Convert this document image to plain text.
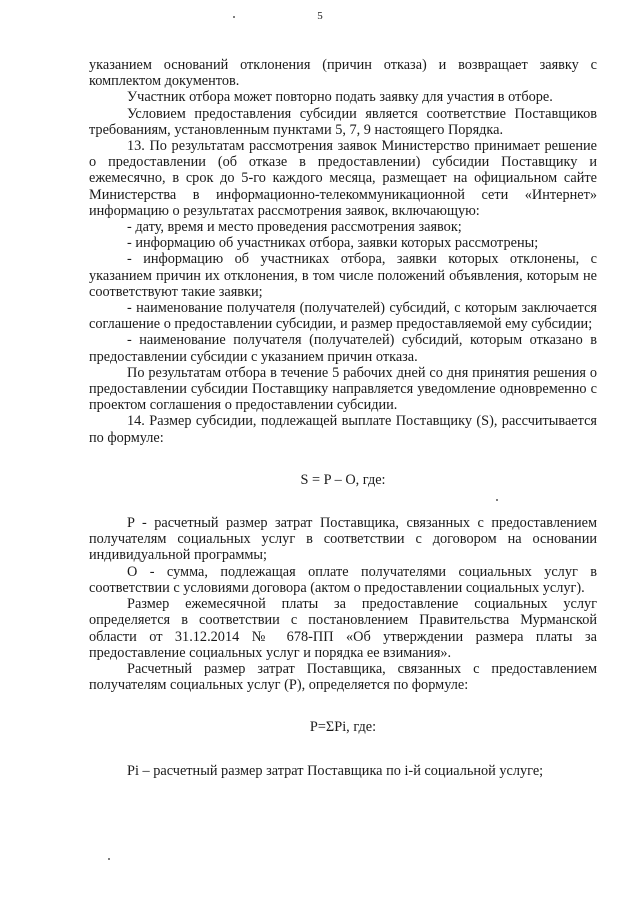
5

указанием оснований отклонения (причин отказа) и возвращает заявку с комплектом документов.

Участник отбора может повторно подать заявку для участия в отборе.

Условием предоставления субсидии является соответствие Поставщиков требованиям, установленным пунктами 5, 7, 9 настоящего Порядка.

13. По результатам рассмотрения заявок Министерство принимает решение о предоставлении (об отказе в предоставлении) субсидии Поставщику и ежемесячно, в срок до 5-го каждого месяца, размещает на официальном сайте Министерства в информационно-телекоммуникационной сети «Интернет» информацию о результатах рассмотрения заявок, включающую:

- дату, время и место проведения рассмотрения заявок;

- информацию об участниках отбора, заявки которых рассмотрены;

- информацию об участниках отбора, заявки которых отклонены, с указанием причин их отклонения, в том числе положений объявления, которым не соответствуют такие заявки;

- наименование получателя (получателей) субсидий, с которым заключается соглашение о предоставлении субсидии, и размер предоставляемой ему субсидии;

- наименование получателя (получателей) субсидий, которым отказано в предоставлении субсидии с указанием причин отказа.

По результатам отбора в течение 5 рабочих дней со дня принятия решения о предоставлении субсидии Поставщику направляется уведомление одновременно с проектом соглашения о предоставлении субсидии.

14. Размер субсидии, подлежащей выплате Поставщику (S), рассчитывается по формуле:

S = P – O, где:

P - расчетный размер затрат Поставщика, связанных с предоставлением получателям социальных услуг в соответствии с договором на основании индивидуальной программы;

O - сумма, подлежащая оплате получателями социальных услуг в соответствии с условиями договора (актом о предоставлении социальных услуг).

Размер ежемесячной платы за предоставление социальных услуг определяется в соответствии с постановлением Правительства Мурманской области от 31.12.2014 № 678-ПП «Об утверждении размера платы за предоставление социальных услуг и порядка ее взимания».

Расчетный размер затрат Поставщика, связанных с предоставлением получателям социальных услуг (P), определяется по формуле:

P=ΣPi, где:

Pi – расчетный размер затрат Поставщика по i-й социальной услуге;
